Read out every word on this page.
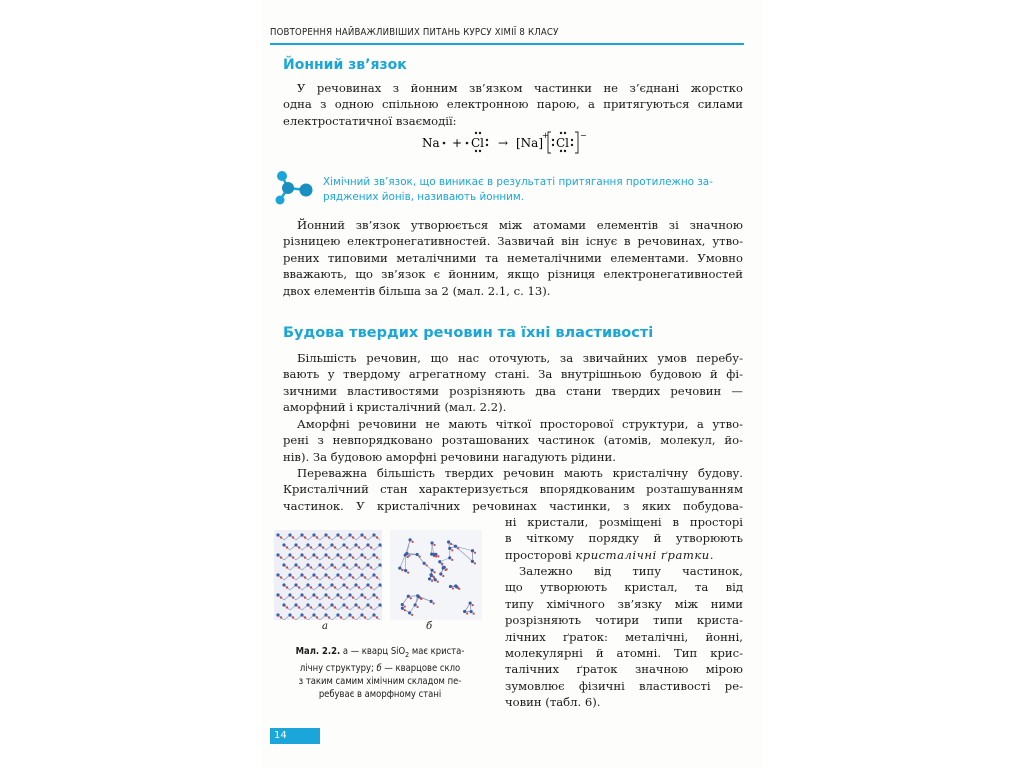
ПОВТОРЕННЯ НАЙВАЖЛИВІШИХ ПИТАНЬ КУРСУ ХІМІЇ 8 КЛАСУ
Йонний зв’язок

У речовинах з йонним зв’язком частинки не з’єднані жорстко
одна з одною спільною електронною парою, а притягуються силами
електростатичної взаємодії:

Na + Cl → [Na]
+
Cl
−

Хімічний зв’язок, що виникає в результаті притягання протилежно за-
ряджених йонів, називають йонним.

Йонний зв’язок утворюється між атомами елементів зі значною
різницею електронегативностей. Зазвичай він існує в речовинах, утво-
рених типовими металічними та неметалічними елементами. Умовно
вважають, що зв’язок є йонним, якщо різниця електронегативностей
двох елементів більша за 2 (мал. 2.1, с. 13).

Будова твердих речовин та їхні властивості

Більшість речовин, що нас оточують, за звичайних умов перебу-
вають у твердому агрегатному стані. За внутрішньою будовою й фі-
зичними властивостями розрізняють два стани твердих речовин —
аморфний і кристалічний (мал. 2.2).

Аморфні речовини не мають чіткої просторової структури, а утво-
рені з невпорядковано розташованих частинок (атомів, молекул, йо-
нів). За будовою аморфні речовини нагадують рідини.

Переважна більшість твердих речовин мають кристалічну будову.
Кристалічний стан характеризується впорядкованим розташуванням
частинок. У кристалічних речовинах частинки, з яких побудова-

ні кристали, розміщені в просторі
в чіткому порядку й утворюють
просторові кристалічні ґратки.

Залежно від типу частинок,
що утворюють кристал, та від
типу хімічного зв’язку між ними
розрізняють чотири типи криста-
лічних ґраток: металічні, йонні,
молекулярні й атомні. Тип крис-
талічних ґраток значною мірою
зумовлює фізичні властивості ре-
човин (табл. 6).

а	б

Мал. 2.2. а — кварц SiO$_2$ має криста-
лічну структуру; б — кварцове скло
з таким самим хімічним складом пе-
ребуває в аморфному стані

14
